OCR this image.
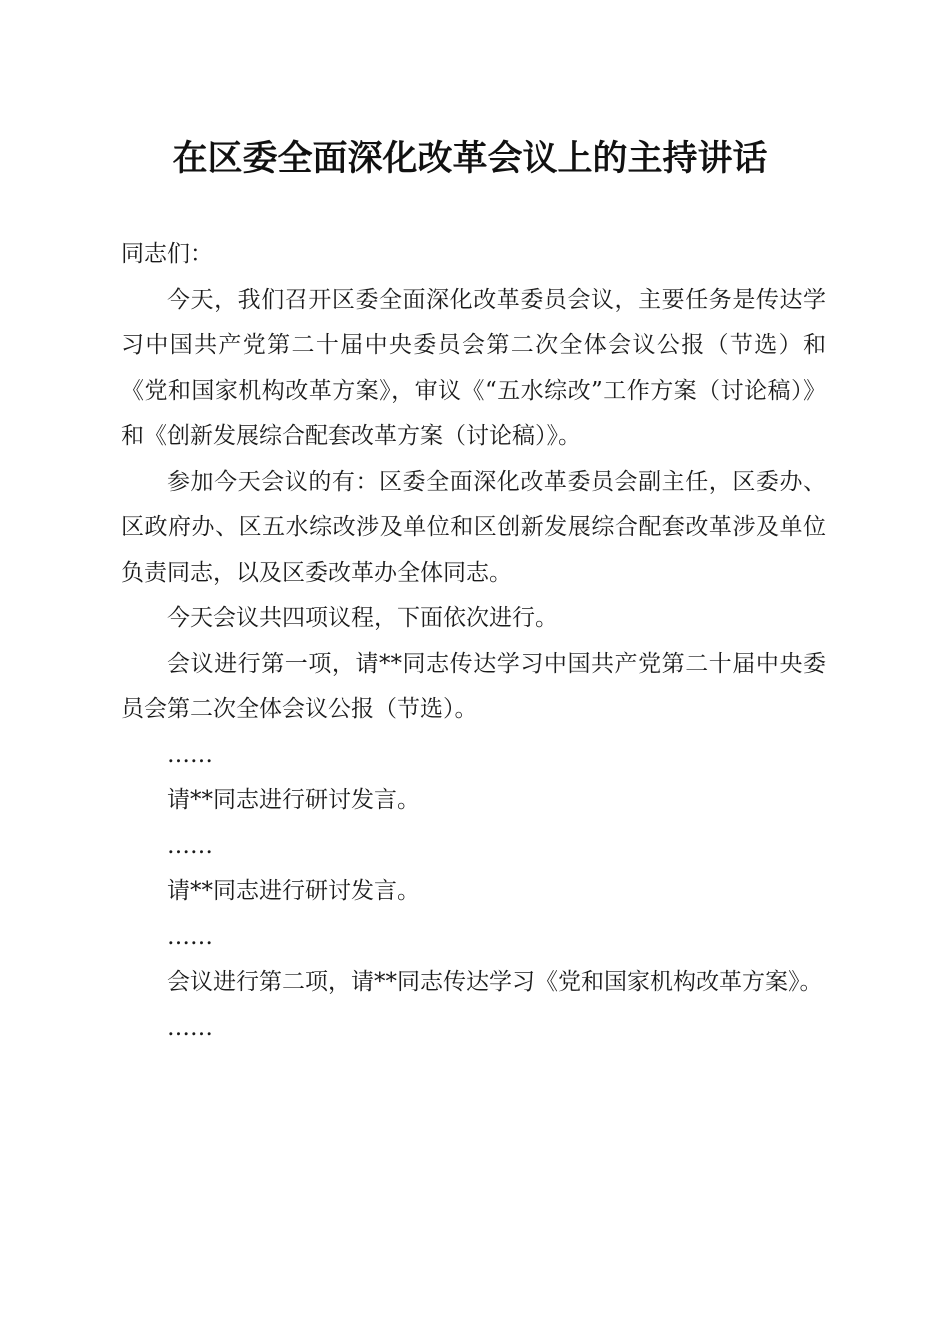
在区委全面深化改革会议上的主持讲话

同志们：

今天，我们召开区委全面深化改革委员会议，主要任务是传达学习中国共产党第二十届中央委员会第二次全体会议公报（节选）和《党和国家机构改革方案》，审议《“五水综改”工作方案（讨论稿）》和《创新发展综合配套改革方案（讨论稿）》。

参加今天会议的有：区委全面深化改革委员会副主任，区委办、区政府办、区五水综改涉及单位和区创新发展综合配套改革涉及单位负责同志，以及区委改革办全体同志。

今天会议共四项议程，下面依次进行。

会议进行第一项，请**同志传达学习中国共产党第二十届中央委员会第二次全体会议公报（节选）。

……

请**同志进行研讨发言。

……

请**同志进行研讨发言。

……

会议进行第二项，请**同志传达学习《党和国家机构改革方案》。

……
